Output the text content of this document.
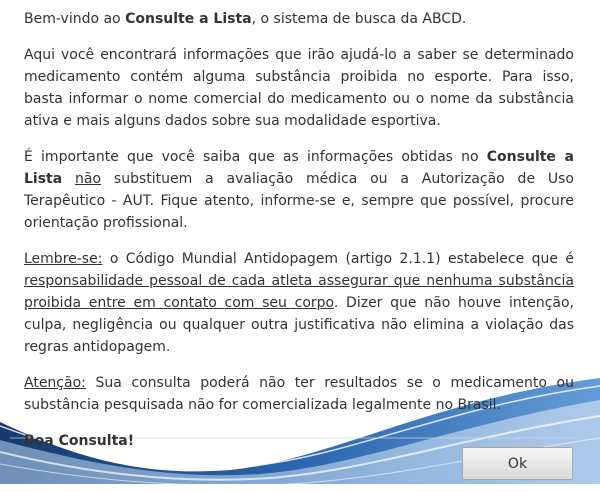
Bem-vindo ao Consulte a Lista, o sistema de busca da ABCD.

Aqui você encontrará informações que irão ajudá-lo a saber se determinado medicamento contém alguma substância proibida no esporte. Para isso, basta informar o nome comercial do medicamento ou o nome da substância ativa e mais alguns dados sobre sua modalidade esportiva.

É importante que você saiba que as informações obtidas no Consulte a Lista não substituem a avaliação médica ou a Autorização de Uso Terapêutico - AUT. Fique atento, informe-se e, sempre que possível, procure orientação profissional.

Lembre-se: o Código Mundial Antidopagem (artigo 2.1.1) estabelece que é responsabilidade pessoal de cada atleta assegurar que nenhuma substância proibida entre em contato com seu corpo. Dizer que não houve intenção, culpa, negligência ou qualquer outra justificativa não elimina a violação das regras antidopagem.

Atenção: Sua consulta poderá não ter resultados se o medicamento ou substância pesquisada não for comercializada legalmente no Brasil.

Boa Consulta!

Ok
